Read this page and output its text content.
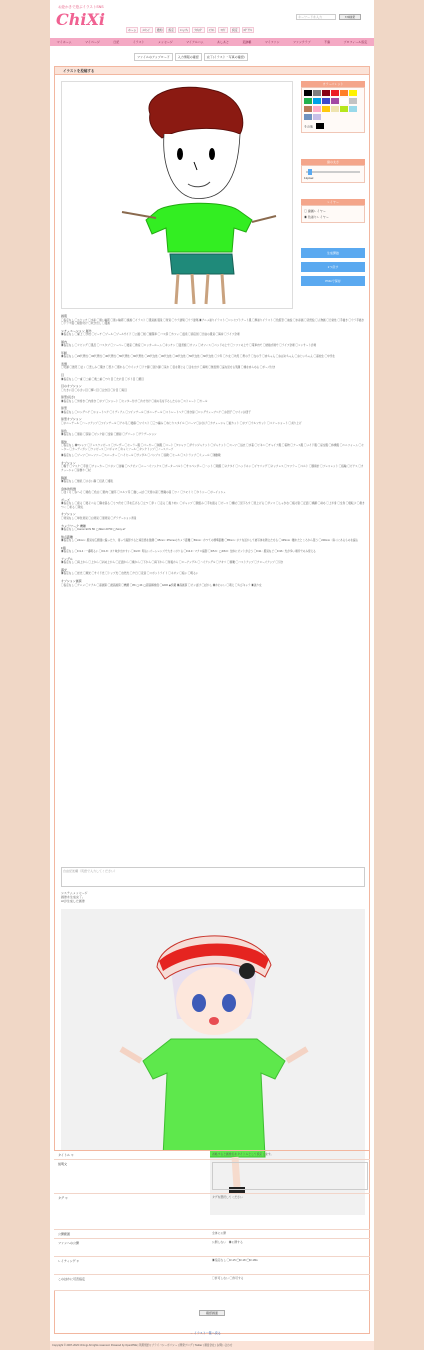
お絵かきで遊ぶイラストSNS
ChiXi	キーワードを入力	ｽﾏﾎ検索
ホーム	ﾒｯｾｰｼﾞ	通知	設定	ｺﾐｭﾆﾃｨ	ﾗﾝｷﾝｸﾞ	ｲﾗｽﾄ	ﾏﾝｶﾞ	設定	ﾛｸﾞｱｳﾄ
マイホーム	マイページ	日記	イラスト	メッセージ	マイアルバム	あしあと	足跡帳	マイファン	ファンクラブ	不審	プロフィール設定
ファイルのアップロード	入力情報の確認	完了(イラスト・写真の確認)
イラストを投稿する
カラーパレット
その他
線の太さ
11pixel
レイヤー
◯ 線画レイヤー
◉ 色塗りレイヤー
生成開始
1つ戻す
PNGで保存
画風
◯指定なし ◯スケッチ ◯水彩 ◯黒い輪郭 ◯黒い輪郭 ◯線画 ◯イラスト ◯風景画 風景 ◯背景 ◯ウラ建築 ◯ウラ建築 ◉アニメ塗りイラスト ◯コンセプトアート風 ◯厚塗りイラスト ◯色鉛筆 ◯油絵 ◯水彩画 ◯突然絵 ◯人物画 ◯日常性 ◯手描き ◯ウラ手描き ◯ドラマ風 ◯陰影付け ◯吹き出し ◯漫画
シチュエーション 屋外
◉指定なし ◯屋上 ◯学校 ◯ビーチ ◯プール ◯プールサイド ◯公園 ◯街 ◯観覧車 ◯バス停 ◯カフェ ◯温泉 ◯商店街 ◯田舎の風景 ◯海岸 ◯ライブ会場
屋内
◉指定なし ◯リビング ◯風呂 ◯バスタブ ◯ソーベー ◯寝室 ◯教室 ◯ロッカールーム ◯キッチン ◯図書館 ◯カフェ ◯オフィス ◯ベッドの上で ◯ソファの上で ◯電車内で ◯結婚式場で ◯ライブ会場 ◯コンサート会場
年齢
◉指定なし ◯20代男性 ◯30代男性 ◯40代男性 ◯50代男性 ◯60代男性 ◯20代女性 ◯30代女性 ◯40代女性 ◯50代女性 ◯60代女性 ◯少年 ◯少女 ◯幼児 ◯男の子 ◯女の子 ◯赤ちゃん ◯おばあちゃん ◯おじいちゃん ◯高校生 ◯中学生
表情
◯笑顔 ◯微笑 ◯泣く ◯悲しみ ◯驚き ◯怒り ◯照れる ◯ウインク ◯ドヤ顔 ◯困り顔 ◯呆れ ◯目を閉じる ◯舌を出す ◯真剣 ◯無表情 ◯歯を見せる笑顔 ◯頬を赤らめる ◯ポーズ付き
目
◉指定なし ◯一重 ◯二重 ◯奥二重 ◯つり目 ◯たれ目 ◯ジト目 ◯細目
目のオプション
◯大きい目 ◯小さい目 ◯輝く目 ◯泣き目 ◯片目 ◯両目
髪型(長さ)
◉指定なし ◯外巻き ◯内巻き ◯ボブ ◯ショート ◯センター分け ◯片方分け ◯前の毛を下ろしたもの ◯ストレート ◯カール
髪型
◉指定なし ◯ロングヘア ◯ショートヘア ◯ミディアム ◯ツインテール ◯ポニーテール ◯ストレートヘア ◯巻き髪 ◯ロングウェーブヘア ◯お団子 ◯ツインお団子
髪型オプション
◯ボニーテール ◯ハーフアップ ◯ツインテール ◯アホ毛 ◯寝癖 ◯ツイスト ◯三つ編み ◯ねじりスタイル ◯パーマ ◯おさげ ◯カチューシャ ◯姫カット ◯ボブ ◯ウルフカット ◯ベリーショート ◯刈り上げ
髪色
◉指定なし ◯黒髪 ◯茶髪 ◯ピンク髪 ◯金髪 ◯銀髪 ◯グリーン ◯グラデーション
服装
◯指定なし ◉Tシャツ ◯ドレスワンピース ◯ブレザー ◯セーラー服 ◯パーカー ◯制服 ◯コート ◯Yシャツ ◯ダウンジャケット ◯ジャケット ◯スーツ ◯浴衣 ◯水着 ◯ビキニ ◯チャイナ服 ◯着物 ◯ナース服 ◯メイド服 ◯巫女服 ◯体操服 ◯ユニフォーム ◯セーター ◯カーディガン ◯ワンピース ◯パジャマ ◯キャミソール ◯タンクトップ ◯ノースリーブ
◉指定なし ◯ブーツ ◯ローファー ◯スニーカー ◯ハイヒール ◯サンダル ◯パンプス ◯長靴 ◯ヒール ◯ストラップ ◯ミュール ◯運動靴
オプション
◯帽子 ◯マスク ◯手袋 ◯チョーカー ◯リボン ◯首輪 ◯ヘアピン ◯ニーハイソックス ◯ガーターベルト ◯サスペンダー ◯ハット ◯眼鏡 ◯ネクタイ ◯ヘッドホン ◯イヤリング ◯ネックレス ◯マフラー ◯ベルト ◯腕時計 ◯ブレスレット ◯指輪 ◯ピアス ◯カチューシャ ◯髪飾り ◯杖
胸囲
◉指定なし ◯無乳 ◯小さい胸 ◯巨乳 ◯爆乳
身体的特徴
◯ほくろ ◯おへそ ◯褐色 ◯色白 ◯筋肉 ◯猫耳 ◯エルフ耳 ◯猫しっぽ ◯天使の羽 ◯悪魔の羽 ◯ツノ ◯ケモミミ ◯タトゥー ◯ボーイッシュ
ポーズ
◉指定なし ◯座る ◯寝そべる ◯胸を張る ◯うつ伏せ ◯手を広げる ◯立つ ◯歩く ◯走る ◯振り向く ◯ジャンプ ◯腕組み ◯手を振る ◯ピース ◯頬杖 ◯見下ろす ◯見上げる ◯ダンス ◯しゃがむ ◯後ろ姿 ◯正面 ◯横顔 ◯斜め ◯上半身 ◯全身 ◯寝転ぶ ◯抱きつく ◯祈る ◯敬礼
オプション
◯背景なし ◯単色背景 ◯白背景 ◯黒背景 ◯グラデーション背景
カメラワーク 機種
◉指定なし ◯Canon EOS 5D ◯Nikon D750 ◯Sony a7
焦点距離
◉指定なし ◯24mm : 風景を広範囲に撮ったり、寄って撮影すると遠近感を強調 ◯35mm : iPhoneのカメラ距離 ◯50mm : かつての標準距離 ◯85mm : ボケを活かして被写体を際立たせる ◯135mm : 離れたところから狙う ◯200mm : 遠くにあるものを撮る
F値
◉指定なし ◯F/1.4 : 一番明るい ◯F/1.8 : ボケ味が出やすい ◯F/2.8 : 明るいズームレンズで大きくボケる ◯F/4.0 : マクロ撮影 ◯F/5.6 : ◯F/8.0 : 全体にピントが合う ◯F/11 : 風景など ◯F/16 : 光が多い場所でのみ使える
アングル
◉指定なし ◯真上から ◯上から ◯斜め上から ◯正面から ◯横から ◯下から ◯真下から ◯背後から ◯ローアングル ◯ハイアングル ◯アオリ ◯俯瞰 ◯バストアップ ◯クローズアップ ◯引き
露光
◉指定なし ◯逆光 ◯順光 ◯サイド光 ◯トップ光 ◯自然光 ◯夕日 ◯夜景 ◯スポットライト ◯ネオン ◯暗い ◯明るい
オプション画質
◯指定なし ◯アニメ ◯リアル ◯高画質 ◯最高画質 ◯精細 ◯8K ◯4K ◯超高解像度 ◯HDR ◉綺麗 ◉高画質 ◯ピンぼけ ◯ぼかし ◉かわいい ◯萌え ◯ちびキャラ ◉美少女
自由記述欄（英語で入力してください）
システムメッセージ
画像を生成完了。
AIが生成した画像
タイトル ＊	省略すると画像名をタイトルとして設定します。
説明文
タグ ＊	タグを選択してください
公開範囲	全体に公開
ファンへの公開	公開しない　◉公開する
レイティング ＊	◉指定なし ◯R-15 ◯R-18 ◯R-18G
このほかに可否指定	◯許可しない ◯許可する
確認画面
→ イラスト一覧へ戻る
Copyright © 2007-2023 Chixi.jp All rights reserved. Powered by OpenPNE | 利用規約 | プライバシーポリシー | 開発ブログ | Twitter | 運営会社 | お問い合わせ
